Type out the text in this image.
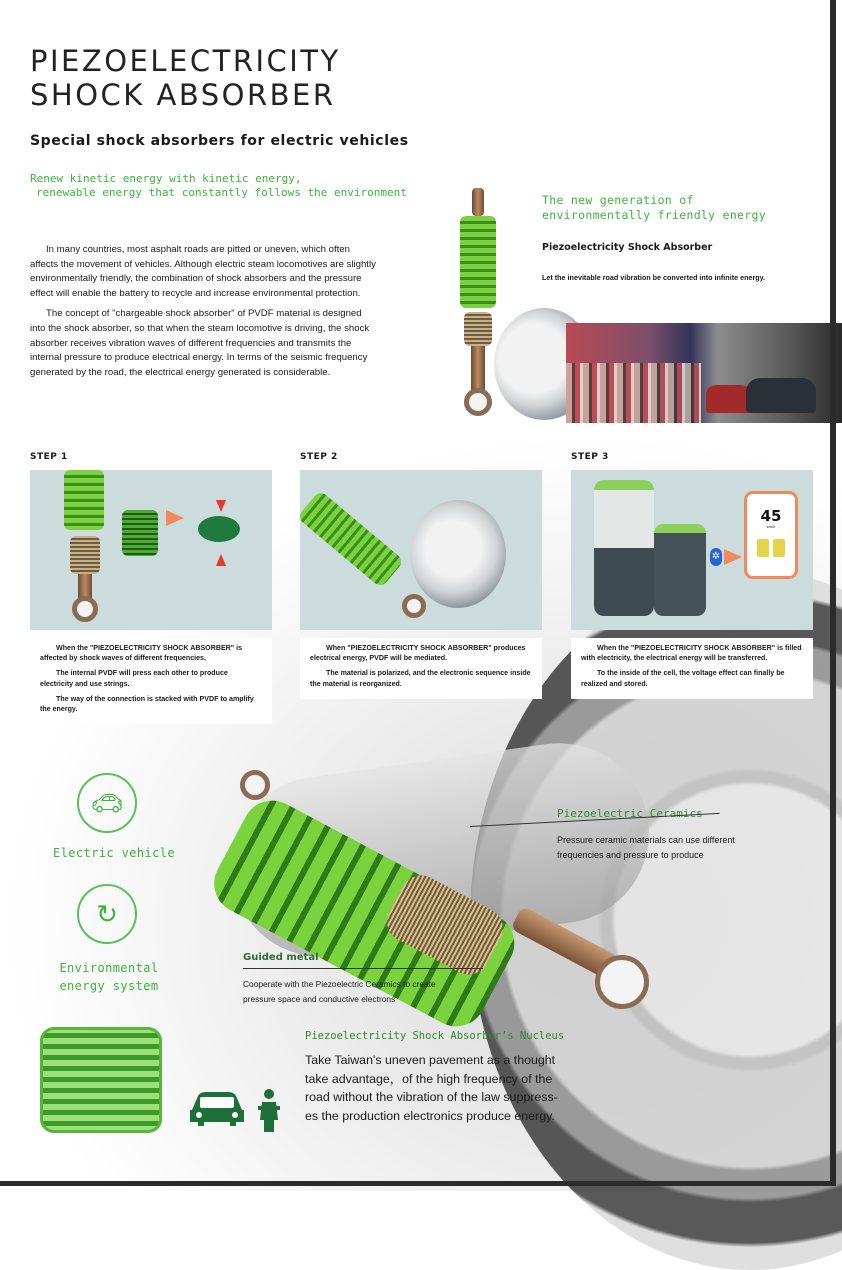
PIEZOELECTRICITY
SHOCK ABSORBER
Special shock absorbers for electric vehicles
Renew kinetic energy with kinetic energy,
renewable energy that constantly follows the environment

In many countries, most asphalt roads are pitted or uneven, which often affects the movement of vehicles. Although electric steam locomotives are slightly environmentally friendly, the combination of shock absorbers and the pressure effect will enable the battery to recycle and increase environmental protection.

The concept of "chargeable shock absorber" of PVDF material is designed into the shock absorber, so that when the steam locomotive is driving, the shock absorber receives vibration waves of different frequencies and transmits the internal pressure to produce electrical energy. In terms of the seismic frequency generated by the road, the electrical energy generated is considerable.

The new generation of
environmentally friendly energy
Piezoelectricity Shock Absorber
Let the inevitable road vibration be converted into infinite energy.
STEP 1

When the "PIEZOELECTRICITY SHOCK ABSORBER" is affected by shock waves of different frequencies,

The internal PVDF will press each other to produce electricity and use strings.

The way of the connection is stacked with PVDF to amplify the energy.

STEP 2

When "PIEZOELECTRICITY SHOCK ABSORBER" produces electrical energy, PVDF will be mediated.

The material is polarized, and the electronic sequence inside the material is reorganized.

STEP 3
✲
45
km/h

When the "PIEZOELECTRICITY SHOCK ABSORBER" is filled with electricity, the electrical energy will be transferred.

To the inside of the cell, the voltage effect can finally be realized and stored.

🚗︎
Electric vehicle
↻
Environmental
energy system
Piezoelectric Ceramics
Pressure ceramic materials can use different
frequencies and pressure to produce
Guided metal
Cooperate with the Piezoelectric Ceramics to create
pressure space and conductive electrons
Piezoelectricity Shock Absorber’s Nucleus
Take Taiwan's uneven pavement as a thought
take advantage，of the high frequency of the
road without the vibration of the law suppress-
es the production electronics produce energy.
